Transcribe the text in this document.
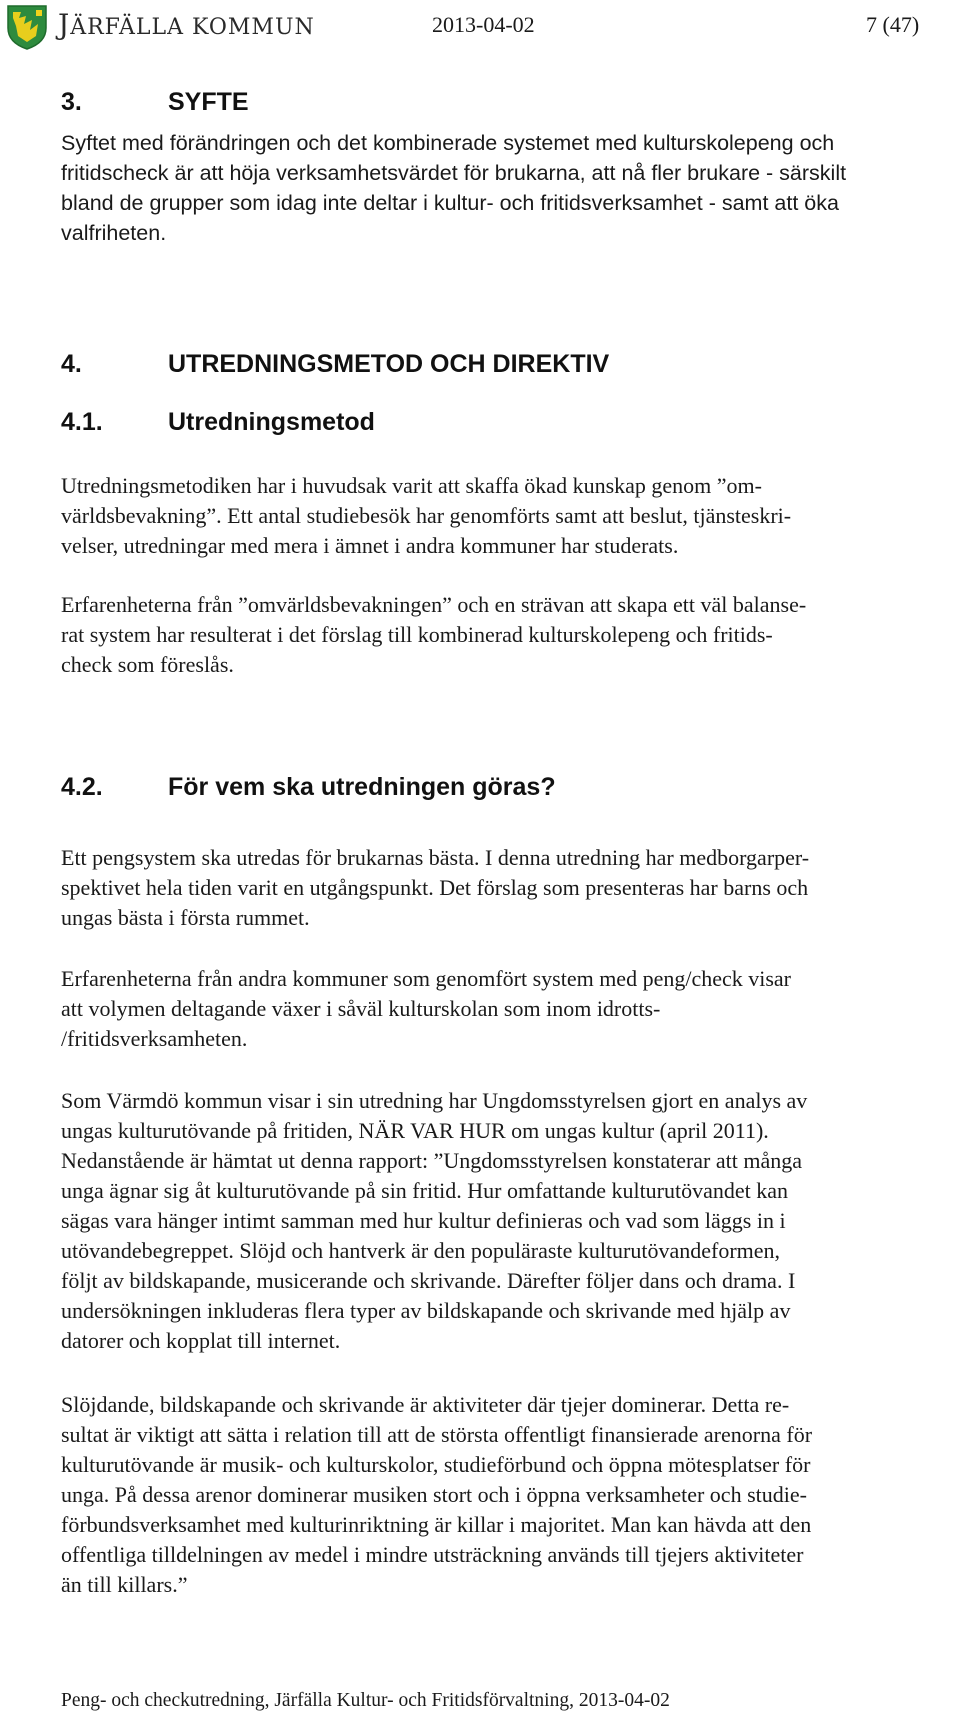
JÄRFÄLLA KOMMUN	2013-04-02	7 (47)
3.	SYFTE
Syftet med förändringen och det kombinerade systemet med kulturskolepeng och
fritidscheck är att höja verksamhetsvärdet för brukarna, att nå fler brukare - särskilt
bland de grupper som idag inte deltar i kultur- och fritidsverksamhet - samt att öka
valfriheten.
4.	UTREDNINGSMETOD OCH DIREKTIV
4.1.	Utredningsmetod
Utredningsmetodiken har i huvudsak varit att skaffa ökad kunskap genom ”om-
världsbevakning”. Ett antal studiebesök har genomförts samt att beslut, tjänsteskri-
velser, utredningar med mera i ämnet i andra kommuner har studerats.
Erfarenheterna från ”omvärldsbevakningen” och en strävan att skapa ett väl balanse-
rat system har resulterat i det förslag till kombinerad kulturskolepeng och fritids-
check som föreslås.
4.2.	För vem ska utredningen göras?
Ett pengsystem ska utredas för brukarnas bästa. I denna utredning har medborgarper-
spektivet hela tiden varit en utgångspunkt. Det förslag som presenteras har barns och
ungas bästa i första rummet.
Erfarenheterna från andra kommuner som genomfört system med peng/check visar
att volymen deltagande växer i såväl kulturskolan som inom idrotts-
/fritidsverksamheten.
Som Värmdö kommun visar i sin utredning har Ungdomsstyrelsen gjort en analys av
ungas kulturutövande på fritiden, NÄR VAR HUR om ungas kultur (april 2011).
Nedanstående är hämtat ut denna rapport: ”Ungdomsstyrelsen konstaterar att många
unga ägnar sig åt kulturutövande på sin fritid. Hur omfattande kulturutövandet kan
sägas vara hänger intimt samman med hur kultur definieras och vad som läggs in i
utövandebegreppet. Slöjd och hantverk är den populäraste kulturutövandeformen,
följt av bildskapande, musicerande och skrivande. Därefter följer dans och drama. I
undersökningen inkluderas flera typer av bildskapande och skrivande med hjälp av
datorer och kopplat till internet.
Slöjdande, bildskapande och skrivande är aktiviteter där tjejer dominerar. Detta re-
sultat är viktigt att sätta i relation till att de största offentligt finansierade arenorna för
kulturutövande är musik- och kulturskolor, studieförbund och öppna mötesplatser för
unga. På dessa arenor dominerar musiken stort och i öppna verksamheter och studie-
förbundsverksamhet med kulturinriktning är killar i majoritet. Man kan hävda att den
offentliga tilldelningen av medel i mindre utsträckning används till tjejers aktiviteter
än till killars.”
Peng- och checkutredning, Järfälla Kultur- och Fritidsförvaltning, 2013-04-02
